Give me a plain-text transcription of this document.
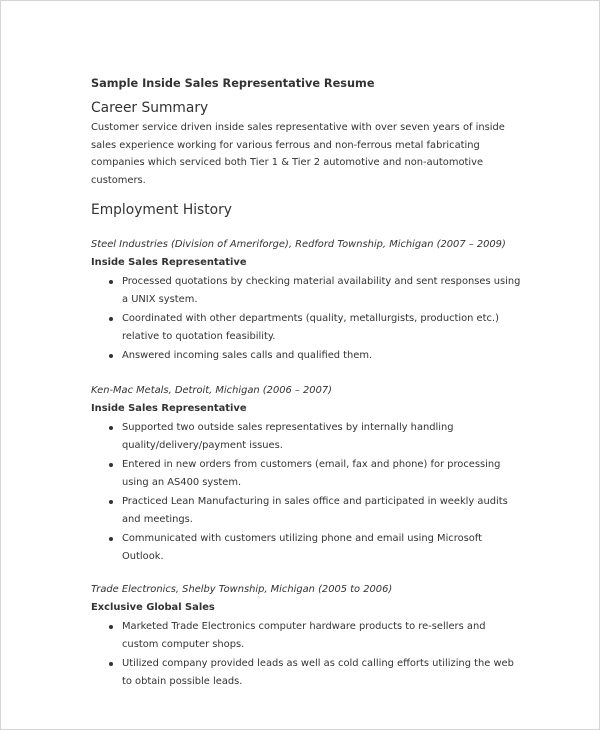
Sample Inside Sales Representative Resume
Career Summary

Customer service driven inside sales representative with over seven years of inside sales experience working for various ferrous and non-ferrous metal fabricating companies which serviced both Tier 1 & Tier 2 automotive and non-automotive customers.

Employment History

Steel Industries (Division of Ameriforge), Redford Township, Michigan (2007 – 2009)

Inside Sales Representative

Processed quotations by checking material availability and sent responses using a UNIX system.
Coordinated with other departments (quality, metallurgists, production etc.) relative to quotation feasibility.
Answered incoming sales calls and qualified them.

Ken-Mac Metals, Detroit, Michigan (2006 – 2007)

Inside Sales Representative

Supported two outside sales representatives by internally handling quality/delivery/payment issues.
Entered in new orders from customers (email, fax and phone) for processing using an AS400 system.
Practiced Lean Manufacturing in sales office and participated in weekly audits and meetings.
Communicated with customers utilizing phone and email using Microsoft Outlook.

Trade Electronics, Shelby Township, Michigan (2005 to 2006)

Exclusive Global Sales

Marketed Trade Electronics computer hardware products to re-sellers and custom computer shops.
Utilized company provided leads as well as cold calling efforts utilizing the web to obtain possible leads.
